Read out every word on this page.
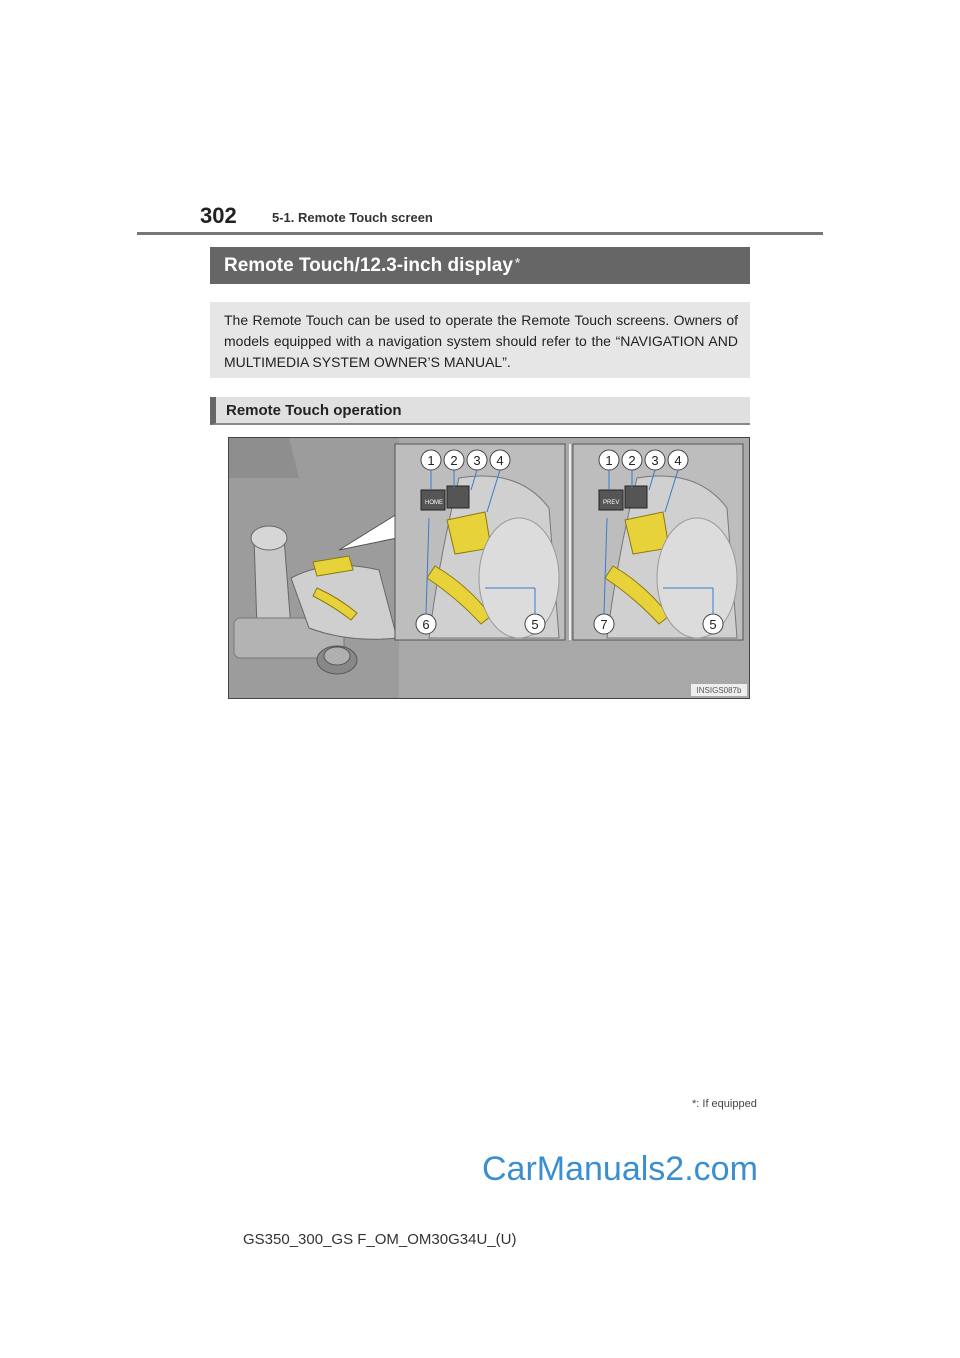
302	5-1. Remote Touch screen
Remote Touch/12.3-inch display *
The Remote Touch can be used to operate the Remote Touch screens. Owners of models equipped with a navigation system should refer to the “NAVIGATION AND MULTIMEDIA SYSTEM OWNER’S MANUAL”.
Remote Touch operation
HOME
1 2 3 4
6	5
PREV
1 2 3 4
7	5
INSIGS087b
*: If equipped
CarManuals2.com
GS350_300_GS F_OM_OM30G34U_(U)
